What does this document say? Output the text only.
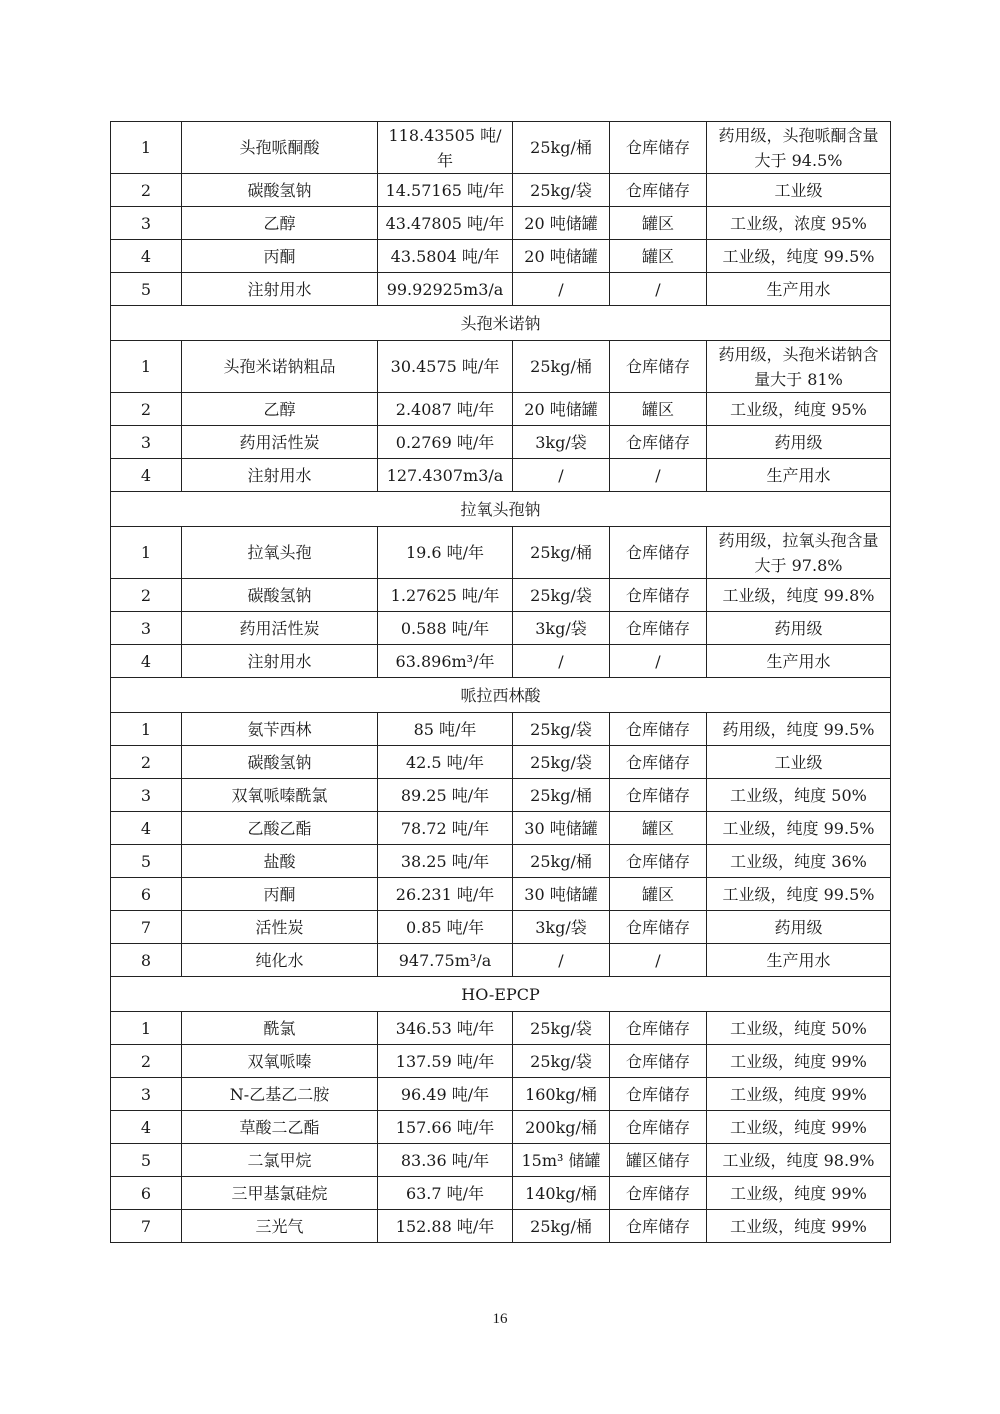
1	头孢哌酮酸	118.43505 吨/年	25kg/桶	仓库储存	药用级，头孢哌酮含量大于 94.5%
2	碳酸氢钠	14.57165 吨/年	25kg/袋	仓库储存	工业级
3	乙醇	43.47805 吨/年	20 吨储罐	罐区	工业级，浓度 95%
4	丙酮	43.5804 吨/年	20 吨储罐	罐区	工业级，纯度 99.5%
5	注射用水	99.92925m3/a	/	/	生产用水
头孢米诺钠					
1	头孢米诺钠粗品	30.4575 吨/年	25kg/桶	仓库储存	药用级，头孢米诺钠含量大于 81%
2	乙醇	2.4087 吨/年	20 吨储罐	罐区	工业级，纯度 95%
3	药用活性炭	0.2769 吨/年	3kg/袋	仓库储存	药用级
4	注射用水	127.4307m3/a	/	/	生产用水
拉氧头孢钠					
1	拉氧头孢	19.6 吨/年	25kg/桶	仓库储存	药用级，拉氧头孢含量大于 97.8%
2	碳酸氢钠	1.27625 吨/年	25kg/袋	仓库储存	工业级，纯度 99.8%
3	药用活性炭	0.588 吨/年	3kg/袋	仓库储存	药用级
4	注射用水	63.896m³/年	/	/	生产用水
哌拉西林酸					
1	氨苄西林	85 吨/年	25kg/袋	仓库储存	药用级，纯度 99.5%
2	碳酸氢钠	42.5 吨/年	25kg/袋	仓库储存	工业级
3	双氧哌嗪酰氯	89.25 吨/年	25kg/桶	仓库储存	工业级，纯度 50%
4	乙酸乙酯	78.72 吨/年	30 吨储罐	罐区	工业级，纯度 99.5%
5	盐酸	38.25 吨/年	25kg/桶	仓库储存	工业级，纯度 36%
6	丙酮	26.231 吨/年	30 吨储罐	罐区	工业级，纯度 99.5%
7	活性炭	0.85 吨/年	3kg/袋	仓库储存	药用级
8	纯化水	947.75m³/a	/	/	生产用水
HO-EPCP					
1	酰氯	346.53 吨/年	25kg/袋	仓库储存	工业级，纯度 50%
2	双氧哌嗪	137.59 吨/年	25kg/袋	仓库储存	工业级，纯度 99%
3	N-乙基乙二胺	96.49 吨/年	160kg/桶	仓库储存	工业级，纯度 99%
4	草酸二乙酯	157.66 吨/年	200kg/桶	仓库储存	工业级，纯度 99%
5	二氯甲烷	83.36 吨/年	15m³ 储罐	罐区储存	工业级，纯度 98.9%
6	三甲基氯硅烷	63.7 吨/年	140kg/桶	仓库储存	工业级，纯度 99%
7	三光气	152.88 吨/年	25kg/桶	仓库储存	工业级，纯度 99%
16
